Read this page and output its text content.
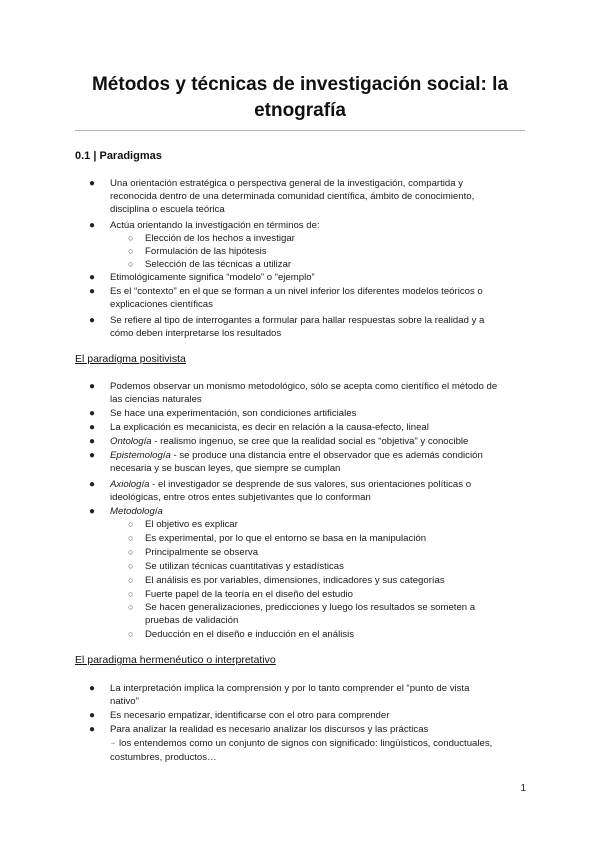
Métodos y técnicas de investigación social: la
etnografía
0.1 | Paradigmas
● Una orientación estratégica o perspectiva general de la investigación, compartida y
reconocida dentro de una determinada comunidad científica, ámbito de conocimiento,
disciplina o escuela teórica
● Actúa orientando la investigación en términos de:
○ Elección de los hechos a investigar
○ Formulación de las hipótesis
○ Selección de las técnicas a utilizar
● Etimológicamente significa “modelo” o “ejemplo”
● Es el “contexto” en el que se forman a un nivel inferior los diferentes modelos teóricos o
explicaciones científicas
● Se refiere al tipo de interrogantes a formular para hallar respuestas sobre la realidad y a
cómo deben interpretarse los resultados
El paradigma positivista
● Podemos observar un monismo metodológico, sólo se acepta como científico el método de
las ciencias naturales
● Se hace una experimentación, son condiciones artificiales
● La explicación es mecanicista, es decir en relación a la causa-efecto, lineal
● Ontología - realismo ingenuo, se cree que la realidad social es “objetiva” y conocible
● Epistemología - se produce una distancia entre el observador que es además condición
necesaria y se buscan leyes, que siempre se cumplan
● Axiología - el investigador se desprende de sus valores, sus orientaciones políticas o
ideológicas, entre otros entes subjetivantes que lo conforman
● Metodología
○ El objetivo es explicar
○ Es experimental, por lo que el entorno se basa en la manipulación
○ Principalmente se observa
○ Se utilizan técnicas cuantitativas y estadísticas
○ El análisis es por variables, dimensiones, indicadores y sus categorías
○ Fuerte papel de la teoría en el diseño del estudio
○ Se hacen generalizaciones, predicciones y luego los resultados se someten a
pruebas de validación
○ Deducción en el diseño e inducción en el análisis
El paradigma hermenéutico o interpretativo
● La interpretación implica la comprensión y por lo tanto comprender el “punto de vista
nativo”
● Es necesario empatizar, identificarse con el otro para comprender
● Para analizar la realidad es necesario analizar los discursos y las prácticas
→ los entendemos como un conjunto de signos con significado: lingüísticos, conductuales,
costumbres, productos…
1
